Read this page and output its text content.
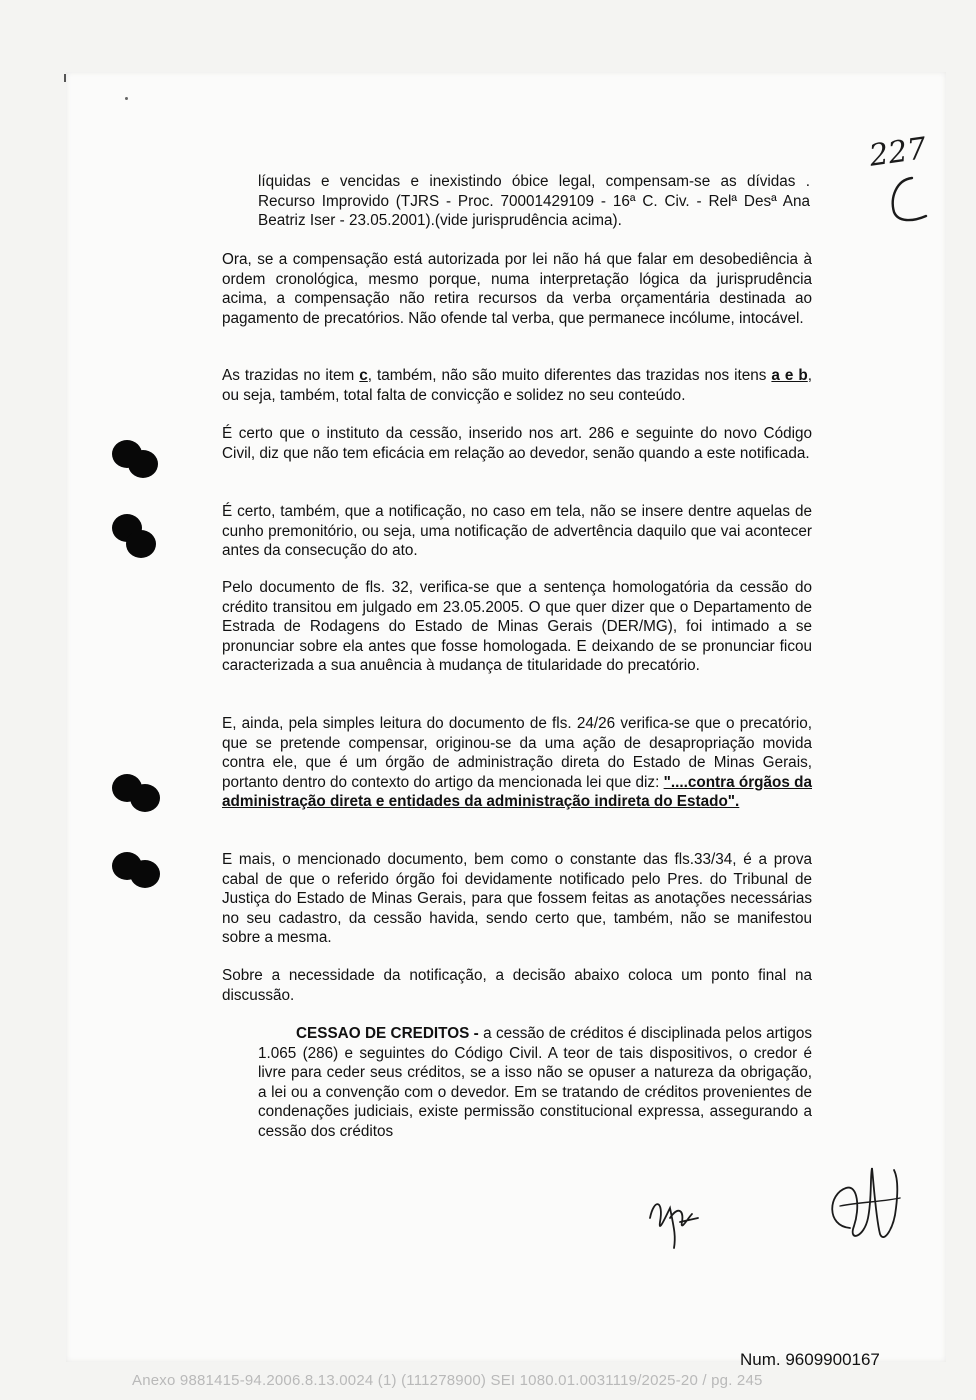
227

líquidas e vencidas e inexistindo óbice legal, compensam-se as dívidas . Recurso Improvido (TJRS - Proc. 70001429109 - 16ª C. Civ. - Relª Desª Ana Beatriz Iser - 23.05.2001).(vide jurisprudência acima).

Ora, se a compensação está autorizada por lei não há que falar em desobediência à ordem cronológica, mesmo porque, numa interpretação lógica da jurisprudência acima, a compensação não retira recursos da verba orçamentária destinada ao pagamento de precatórios. Não ofende tal verba, que permanece incólume, intocável.

As trazidas no item c, também, não são muito diferentes das trazidas nos itens a e b, ou seja, também, total falta de convicção e solidez no seu conteúdo.

É certo que o instituto da cessão, inserido nos art. 286 e seguinte do novo Código Civil, diz que não tem eficácia em relação ao devedor, senão quando a este notificada.

É certo, também, que a notificação, no caso em tela, não se insere dentre aquelas de cunho premonitório, ou seja, uma notificação de advertência daquilo que vai acontecer antes da consecução do ato.

Pelo documento de fls. 32, verifica-se que a sentença homologatória da cessão do crédito transitou em julgado em 23.05.2005. O que quer dizer que o Departamento de Estrada de Rodagens do Estado de Minas Gerais (DER/MG), foi intimado a se pronunciar sobre ela antes que fosse homologada. E deixando de se pronunciar ficou caracterizada a sua anuência à mudança de titularidade do precatório.

E, ainda, pela simples leitura do documento de fls. 24/26 verifica-se que o precatório, que se pretende compensar, originou-se da uma ação de desapropriação movida contra ele, que é um órgão de administração direta do Estado de Minas Gerais, portanto dentro do contexto do artigo da mencionada lei que diz: "....contra órgãos da administração direta e entidades da administração indireta do Estado".

E mais, o mencionado documento, bem como o constante das fls.33/34, é a prova cabal de que o referido órgão foi devidamente notificado pelo Pres. do Tribunal de Justiça do Estado de Minas Gerais, para que fossem feitas as anotações necessárias no seu cadastro, da cessão havida, sendo certo que, também, não se manifestou sobre a mesma.

Sobre a necessidade da notificação, a decisão abaixo coloca um ponto final na discussão.

CESSAO DE CREDITOS - a cessão de créditos é disciplinada pelos artigos 1.065 (286) e seguintes do Código Civil. A teor de tais dispositivos, o credor é livre para ceder seus créditos, se a isso não se opuser a natureza da obrigação, a lei ou a convenção com o devedor. Em se tratando de créditos provenientes de condenações judiciais, existe permissão constitucional expressa, assegurando a cessão dos créditos

Num. 9609900167
Anexo 9881415-94.2006.8.13.0024 (1) (111278900) SEI 1080.01.0031119/2025-20 / pg. 245
